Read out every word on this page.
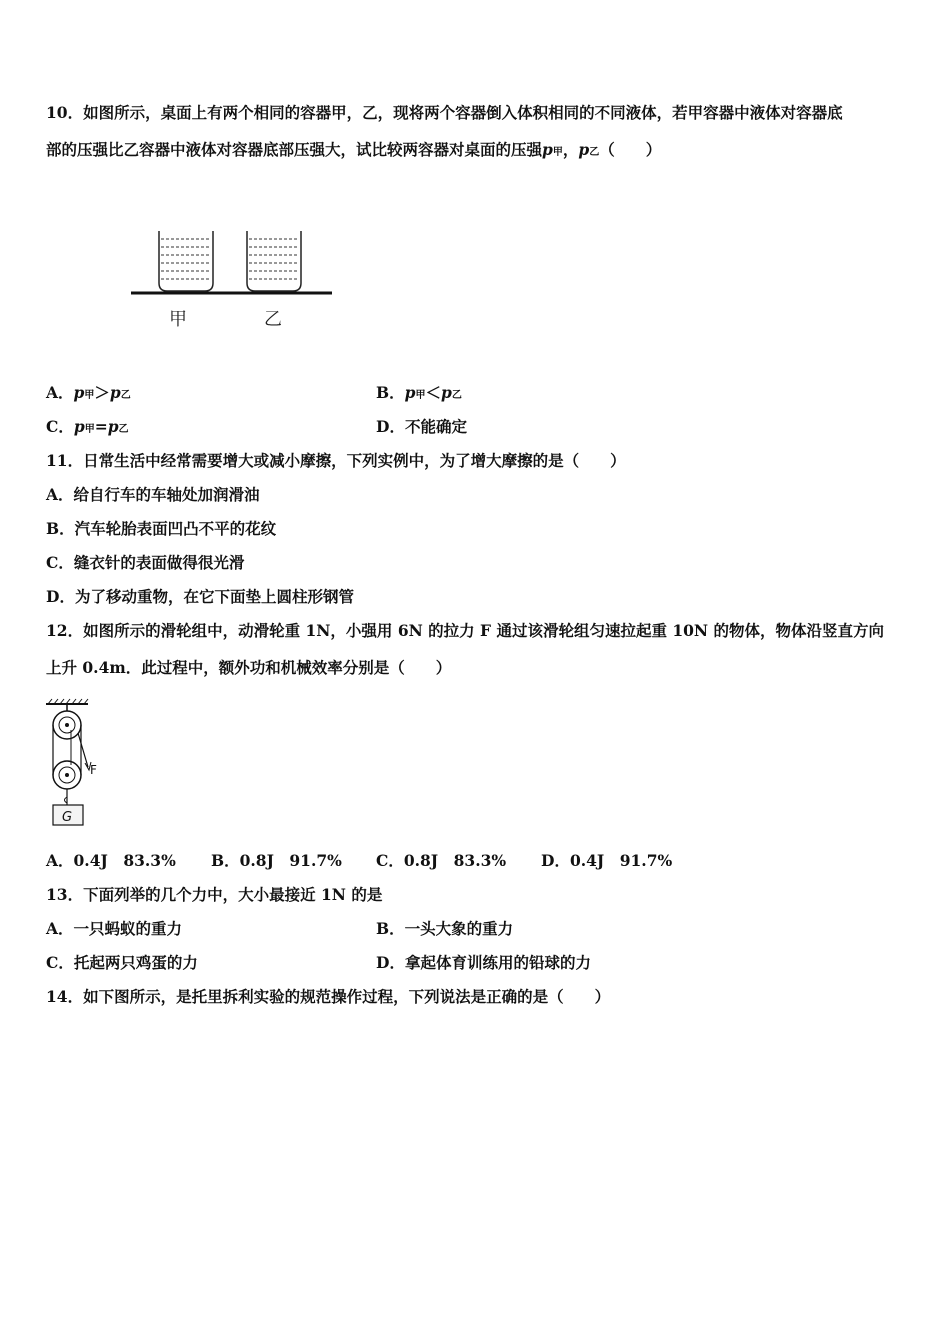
10．如图所示，桌面上有两个相同的容器甲，乙，现将两个容器倒入体积相同的不同液体，若甲容器中液体对容器底
部的压强比乙容器中液体对容器底部压强大，试比较两容器对桌面的压强p甲，p乙（　　）
甲	乙
A．p甲＞p乙	B．p甲＜p乙
C．p甲=p乙	D．不能确定
11．日常生活中经常需要增大或减小摩擦，下列实例中，为了增大摩擦的是（　　）
A．给自行车的车轴处加润滑油
B．汽车轮胎表面凹凸不平的花纹
C．缝衣针的表面做得很光滑
D．为了移动重物，在它下面垫上圆柱形钢管
12．如图所示的滑轮组中，动滑轮重 1N，小强用 6N 的拉力 F 通过该滑轮组匀速拉起重 10N 的物体，物体沿竖直方向
上升 0.4m．此过程中，额外功和机械效率分别是（　　）
F
G
A．0.4J　83.3% B．0.8J　91.7% C．0.8J　83.3% D．0.4J　91.7%
13．下面列举的几个力中，大小最接近 1N 的是
A．一只蚂蚁的重力	B．一头大象的重力
C．托起两只鸡蛋的力	D．拿起体育训练用的铅球的力
14．如下图所示，是托里拆利实验的规范操作过程，下列说法是正确的是（　　）
